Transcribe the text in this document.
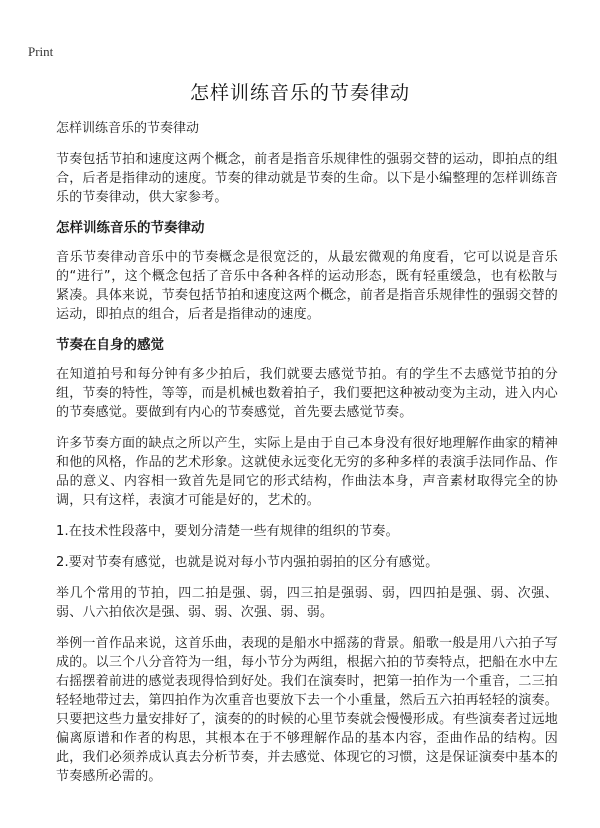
Print
怎样训练音乐的节奏律动
怎样训练音乐的节奏律动

节奏包括节拍和速度这两个概念，前者是指音乐规律性的强弱交替的运动，即拍点的组合，后者是指律动的速度。节奏的律动就是节奏的生命。以下是小编整理的怎样训练音乐的节奏律动，供大家参考。

怎样训练音乐的节奏律动

音乐节奏律动音乐中的节奏概念是很宽泛的，从最宏微观的角度看，它可以说是音乐的“进行”，这个概念包括了音乐中各种各样的运动形态，既有轻重缓急，也有松散与紧凑。具体来说，节奏包括节拍和速度这两个概念，前者是指音乐规律性的强弱交替的运动，即拍点的组合，后者是指律动的速度。

节奏在自身的感觉

在知道拍号和每分钟有多少拍后，我们就要去感觉节拍。有的学生不去感觉节拍的分组，节奏的特性，等等，而是机械也数着拍子，我们要把这种被动变为主动，进入内心的节奏感觉。要做到有内心的节奏感觉，首先要去感觉节奏。

许多节奏方面的缺点之所以产生，实际上是由于自己本身没有很好地理解作曲家的精神和他的风格，作品的艺术形象。这就使永远变化无穷的多种多样的表演手法同作品、作品的意义、内容相一致首先是同它的形式结构，作曲法本身，声音素材取得完全的协调，只有这样，表演才可能是好的，艺术的。

1.在技术性段落中，要划分清楚一些有规律的组织的节奏。

2.要对节奏有感觉，也就是说对每小节内强拍弱拍的区分有感觉。

举几个常用的节拍，四二拍是强、弱，四三拍是强弱、弱，四四拍是强、弱、次强、弱、八六拍依次是强、弱、弱、次强、弱、弱。

举例一首作品来说，这首乐曲，表现的是船水中摇荡的背景。船歌一般是用八六拍子写成的。以三个八分音符为一组，每小节分为两组，根据六拍的节奏特点，把船在水中左右摇摆着前进的感觉表现得恰到好处。我们在演奏时，把第一拍作为一个重音，二三拍轻轻地带过去，第四拍作为次重音也要放下去一个小重量，然后五六拍再轻轻的演奏。只要把这些力量安排好了，演奏的的时候的心里节奏就会慢慢形成。有些演奏者过远地偏离原谱和作者的构思，其根本在于不够理解作品的基本内容，歪曲作品的结构。因此，我们必须养成认真去分析节奏，并去感觉、体现它的习惯，这是保证演奏中基本的节奏感所必需的。
